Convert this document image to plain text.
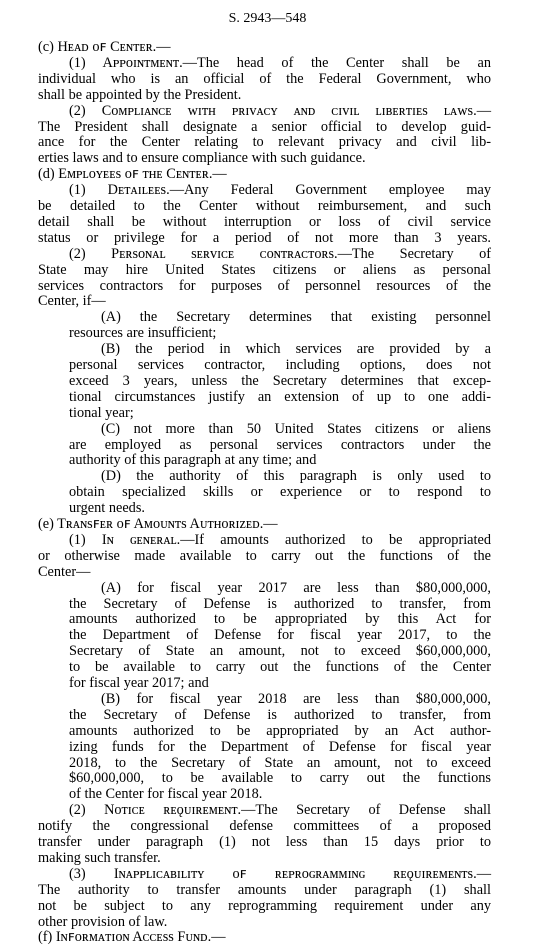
S. 2943—548
(c) Hᴇᴀᴅ ᴏꜰ Cᴇɴᴛᴇʀ.—
(1) Aᴘᴘᴏɪɴᴛᴍᴇɴᴛ.—The head of the Center shall be an
individual who is an official of the Federal Government, who
shall be appointed by the President.
(2) Cᴏᴍᴘʟɪᴀɴᴄᴇ ᴡɪᴛʜ ᴘʀɪᴠᴀᴄʏ ᴀɴᴅ ᴄɪᴠɪʟ ʟɪʙᴇʀᴛɪᴇs ʟᴀᴡs.—
The President shall designate a senior official to develop guid-
ance for the Center relating to relevant privacy and civil lib-
erties laws and to ensure compliance with such guidance.
(d) Eᴍᴘʟᴏʏᴇᴇs ᴏꜰ ᴛʜᴇ Cᴇɴᴛᴇʀ.—
(1) Dᴇᴛᴀɪʟᴇᴇs.—Any Federal Government employee may
be detailed to the Center without reimbursement, and such
detail shall be without interruption or loss of civil service
status or privilege for a period of not more than 3 years.
(2) Pᴇʀsᴏɴᴀʟ sᴇʀᴠɪᴄᴇ ᴄᴏɴᴛʀᴀᴄᴛᴏʀs.—The Secretary of
State may hire United States citizens or aliens as personal
services contractors for purposes of personnel resources of the
Center, if—
(A) the Secretary determines that existing personnel
resources are insufficient;
(B) the period in which services are provided by a
personal services contractor, including options, does not
exceed 3 years, unless the Secretary determines that excep-
tional circumstances justify an extension of up to one addi-
tional year;
(C) not more than 50 United States citizens or aliens
are employed as personal services contractors under the
authority of this paragraph at any time; and
(D) the authority of this paragraph is only used to
obtain specialized skills or experience or to respond to
urgent needs.
(e) Tʀᴀɴsꜰᴇʀ ᴏꜰ Aᴍᴏᴜɴᴛs Aᴜᴛʜᴏʀɪᴢᴇᴅ.—
(1) Iɴ ɢᴇɴᴇʀᴀʟ.—If amounts authorized to be appropriated
or otherwise made available to carry out the functions of the
Center—
(A) for fiscal year 2017 are less than $80,000,000,
the Secretary of Defense is authorized to transfer, from
amounts authorized to be appropriated by this Act for
the Department of Defense for fiscal year 2017, to the
Secretary of State an amount, not to exceed $60,000,000,
to be available to carry out the functions of the Center
for fiscal year 2017; and
(B) for fiscal year 2018 are less than $80,000,000,
the Secretary of Defense is authorized to transfer, from
amounts authorized to be appropriated by an Act author-
izing funds for the Department of Defense for fiscal year
2018, to the Secretary of State an amount, not to exceed
$60,000,000, to be available to carry out the functions
of the Center for fiscal year 2018.
(2) Nᴏᴛɪᴄᴇ ʀᴇǫᴜɪʀᴇᴍᴇɴᴛ.—The Secretary of Defense shall
notify the congressional defense committees of a proposed
transfer under paragraph (1) not less than 15 days prior to
making such transfer.
(3) Iɴᴀᴘᴘʟɪᴄᴀʙɪʟɪᴛʏ ᴏꜰ ʀᴇᴘʀᴏɢʀᴀᴍᴍɪɴɢ ʀᴇǫᴜɪʀᴇᴍᴇɴᴛs.—
The authority to transfer amounts under paragraph (1) shall
not be subject to any reprogramming requirement under any
other provision of law.
(f) Iɴꜰᴏʀᴍᴀᴛɪᴏɴ Aᴄᴄᴇss Fᴜɴᴅ.—
